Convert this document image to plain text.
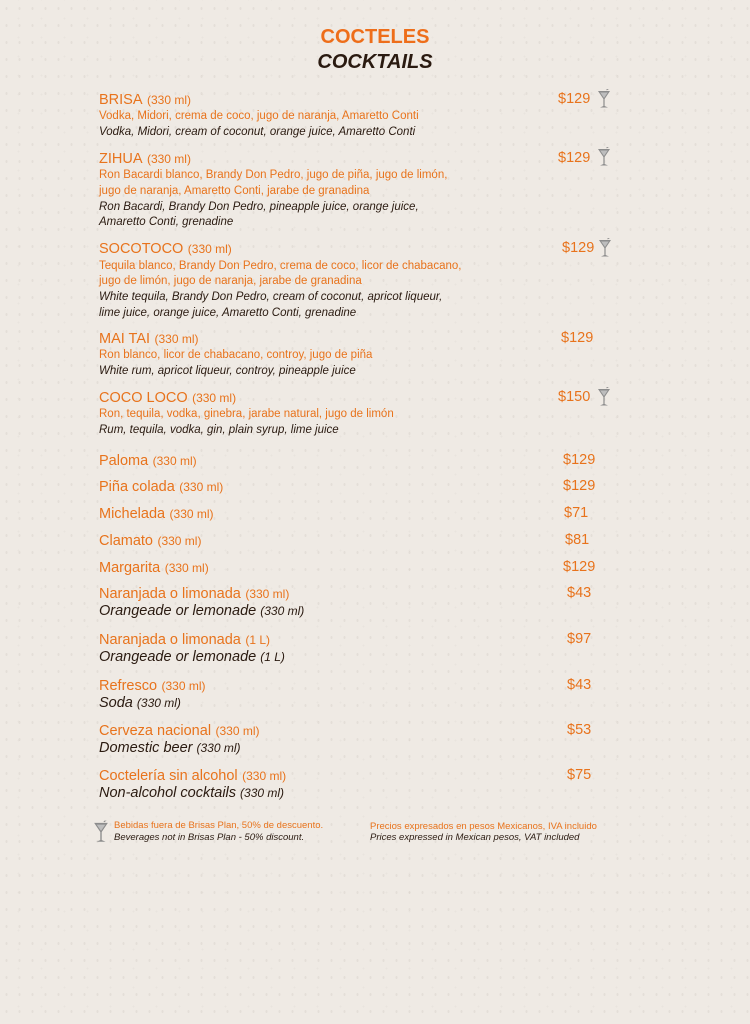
COCTELES
COCKTAILS
BRISA (330 ml)
Vodka, Midori, crema de coco, jugo de naranja, Amaretto Conti
Vodka, Midori, cream of coconut, orange juice, Amaretto Conti
$129
ZIHUA (330 ml)
Ron Bacardi blanco, Brandy Don Pedro, jugo de piña, jugo de limón,
jugo de naranja, Amaretto Conti, jarabe de granadina
Ron Bacardi, Brandy Don Pedro, pineapple juice, orange juice,
Amaretto Conti, grenadine
$129
SOCOTOCO (330 ml)
Tequila blanco, Brandy Don Pedro, crema de coco, licor de chabacano,
jugo de limón, jugo de naranja, jarabe de granadina
White tequila, Brandy Don Pedro, cream of coconut, apricot liqueur,
lime juice, orange juice, Amaretto Conti, grenadine
$129
MAI TAI (330 ml)
Ron blanco, licor de chabacano, controy, jugo de piña
White rum, apricot liqueur, controy, pineapple juice
$129
COCO LOCO (330 ml)
Ron, tequila, vodka, ginebra, jarabe natural, jugo de limón
Rum, tequila, vodka, gin, plain syrup, lime juice
$150
Paloma (330 ml)	$129
Piña colada (330 ml)	$129
Michelada (330 ml)	$71
Clamato (330 ml)	$81
Margarita (330 ml)	$129
Naranjada o limonada (330 ml)
Orangeade or lemonade (330 ml)
$43
Naranjada o limonada (1 L)
Orangeade or lemonade (1 L)
$97
Refresco (330 ml)
Soda (330 ml)
$43
Cerveza nacional (330 ml)
Domestic beer (330 ml)
$53
Coctelería sin alcohol (330 ml)
Non-alcohol cocktails (330 ml)
$75
Bebidas fuera de Brisas Plan, 50% de descuento.
Beverages not in Brisas Plan - 50% discount.
Precios expresados en pesos Mexicanos, IVA incluido
Prices expressed in Mexican pesos, VAT included
